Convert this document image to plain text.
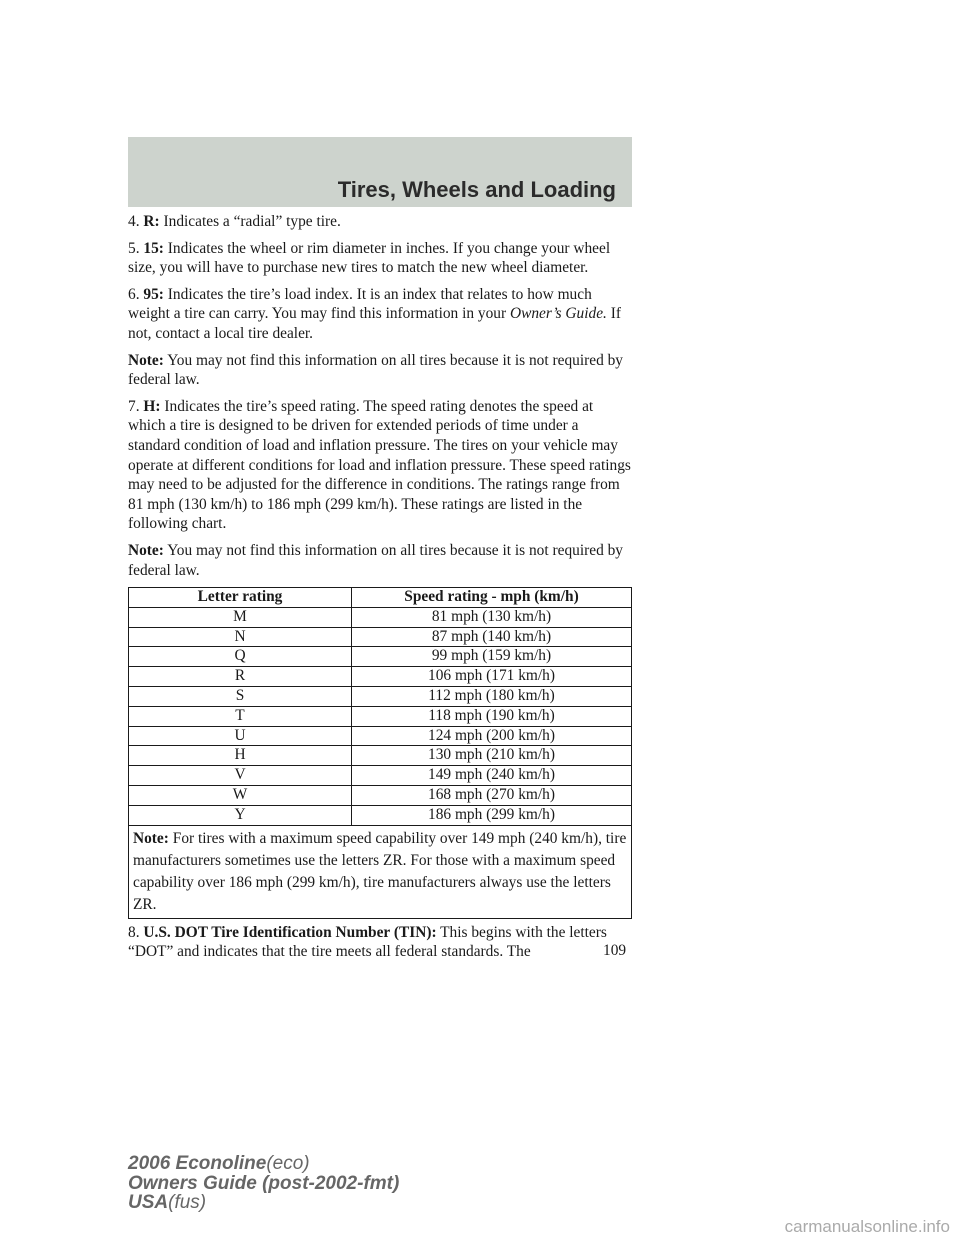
Tires, Wheels and Loading

4. R: Indicates a “radial” type tire.

5. 15: Indicates the wheel or rim diameter in inches. If you change your wheel size, you will have to purchase new tires to match the new wheel diameter.

6. 95: Indicates the tire’s load index. It is an index that relates to how much weight a tire can carry. You may find this information in your Owner’s Guide. If not, contact a local tire dealer.

Note: You may not find this information on all tires because it is not required by federal law.

7. H: Indicates the tire’s speed rating. The speed rating denotes the speed at which a tire is designed to be driven for extended periods of time under a standard condition of load and inflation pressure. The tires on your vehicle may operate at different conditions for load and inflation pressure. These speed ratings may need to be adjusted for the difference in conditions. The ratings range from 81 mph (130 km/h) to 186 mph (299 km/h). These ratings are listed in the following chart.

Note: You may not find this information on all tires because it is not required by federal law.

Letter rating	Speed rating - mph (km/h)
M	81 mph (130 km/h)
N	87 mph (140 km/h)
Q	99 mph (159 km/h)
R	106 mph (171 km/h)
S	112 mph (180 km/h)
T	118 mph (190 km/h)
U	124 mph (200 km/h)
H	130 mph (210 km/h)
V	149 mph (240 km/h)
W	168 mph (270 km/h)
Y	186 mph (299 km/h)
Note: For tires with a maximum speed capability over 149 mph (240 km/h), tire manufacturers sometimes use the letters ZR. For those with a maximum speed capability over 186 mph (299 km/h), tire manufacturers always use the letters ZR.	

8. U.S. DOT Tire Identification Number (TIN): This begins with the letters “DOT” and indicates that the tire meets all federal standards. The	109
2006 Econoline(eco)
Owners Guide (post-2002-fmt)
USA(fus)
carmanualsonline.info
